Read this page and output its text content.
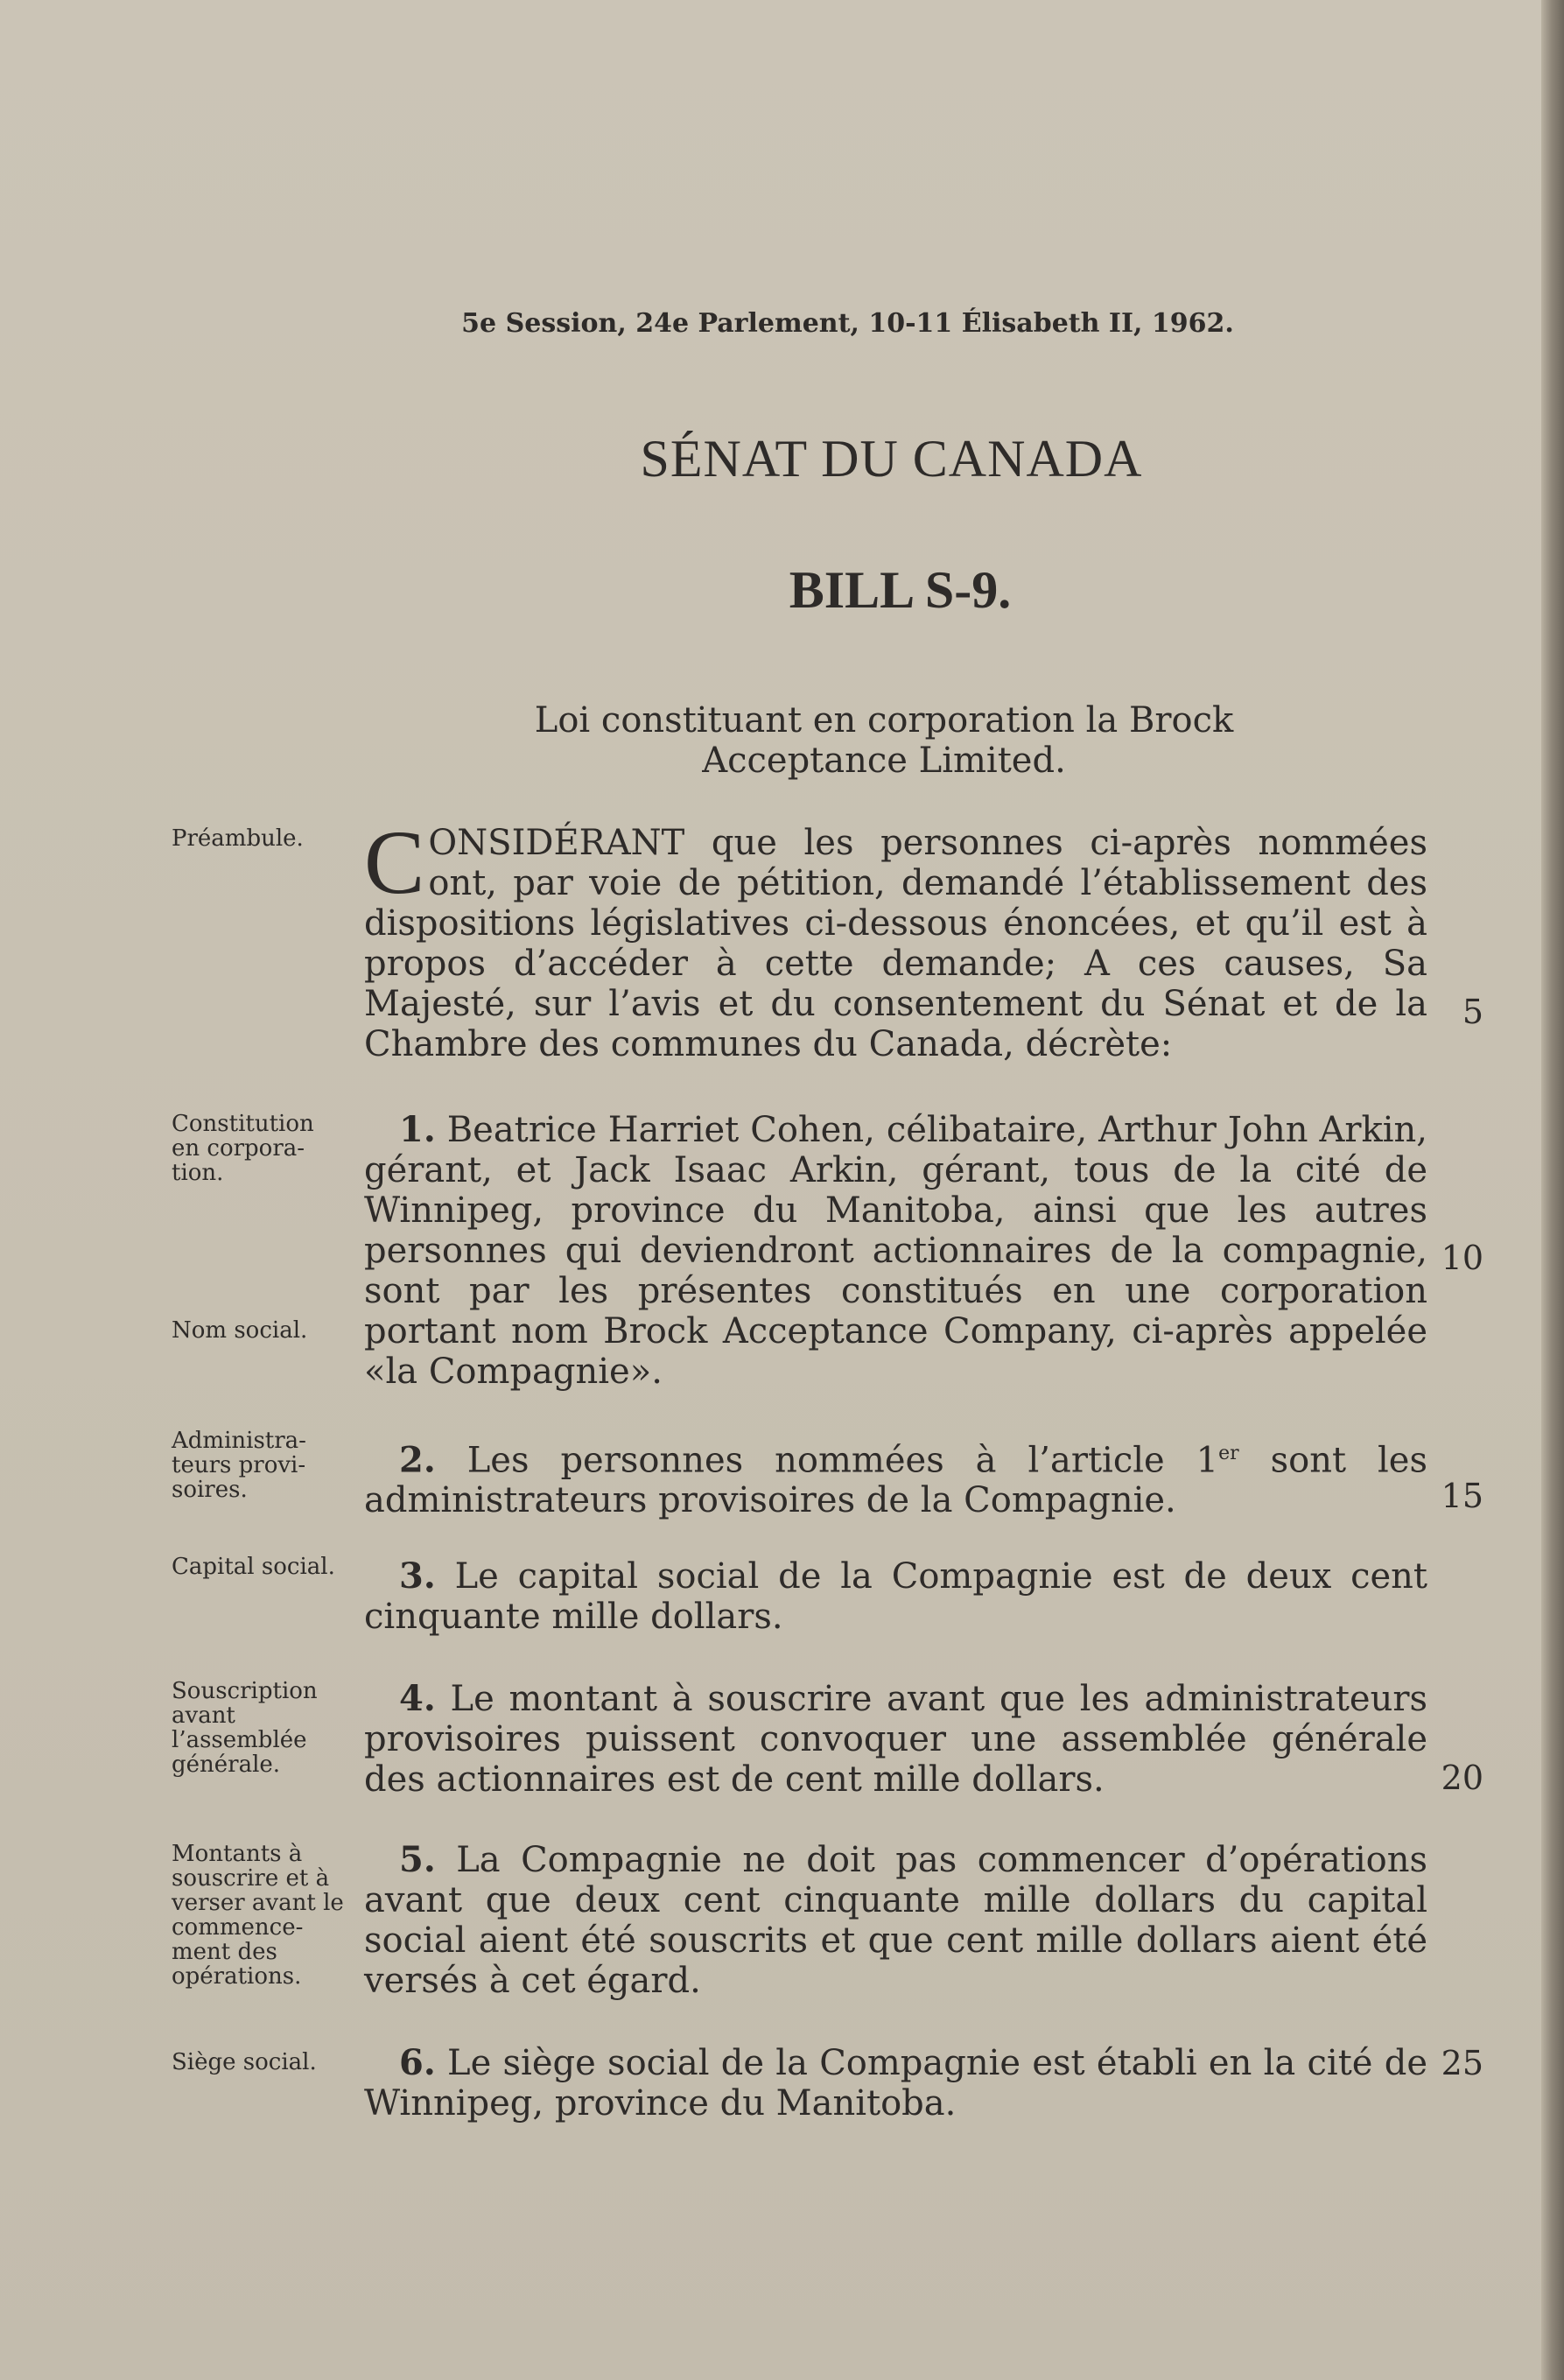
5e Session, 24e Parlement, 10-11 Élisabeth II, 1962.
SÉNAT DU CANADA
BILL S-9.
Loi constituant en corporation la Brock Acceptance Limited.
Préambule. CONSIDÉRANT que les personnes ci-après nommées ont, par voie de pétition, demandé l’établissement des dispositions législatives ci-dessous énoncées, et qu’il est à propos d’accéder à cette demande; A ces causes, Sa Majesté, sur l’avis et du consentement du Sénat et de la Chambre des communes du Canada, décrète:
5
Constitution en corpora-tion.
1. Beatrice Harriet Cohen, célibataire, Arthur John Arkin, gérant, et Jack Isaac Arkin, gérant, tous de la cité de Winnipeg, province du Manitoba, ainsi que les autres personnes qui deviendront actionnaires de la compagnie, sont par les présentes constitués en une corporation portant nom Brock Acceptance Company, ci-après appelée «la Compagnie».
10
Nom social.
Administra-teurs provi-soires.
2. Les personnes nommées à l’article 1er sont les administrateurs provisoires de la Compagnie.	15
Capital social.	3. Le capital social de la Compagnie est de deux cent cinquante mille dollars.
Souscription avant l’assemblée générale.
4. Le montant à souscrire avant que les administrateurs provisoires puissent convoquer une assemblée générale des actionnaires est de cent mille dollars.	20
Montants à souscrire et à verser avant le commence-ment des opérations.
5. La Compagnie ne doit pas commencer d’opérations avant que deux cent cinquante mille dollars du capital social aient été souscrits et que cent mille dollars aient été versés à cet égard.
Siège social.	6. Le siège social de la Compagnie est établi en la cité de Winnipeg, province du Manitoba.
25
